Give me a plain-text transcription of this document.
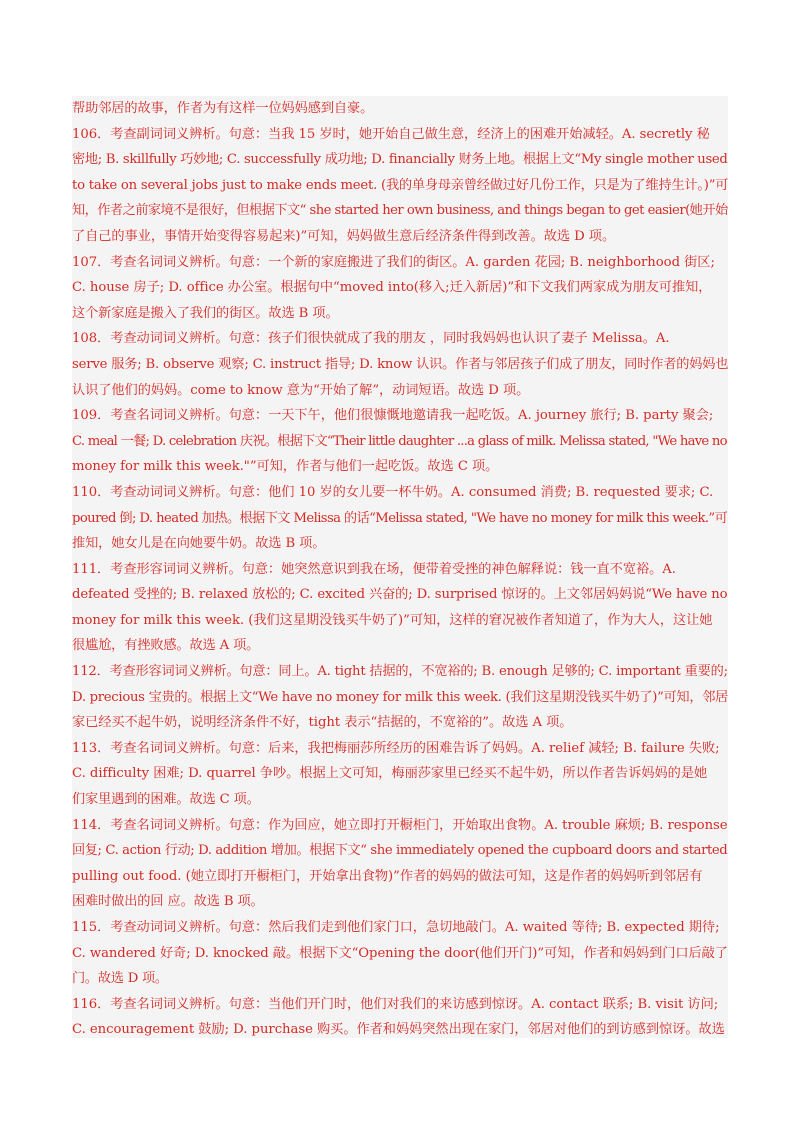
帮助邻居的故事，作者为有这样一位妈妈感到自豪。
106．考查副词词义辨析。句意：当我 15 岁时，她开始自己做生意，经济上的困难开始减轻。A. secretly 秘
密地; B. skillfully 巧妙地; C. successfully 成功地; D. financially 财务上地。根据上文“My single mother used
to take on several jobs just to make ends meet. (我的单身母亲曾经做过好几份工作，只是为了维持生计。)”可
知，作者之前家境不是很好，但根据下文“ she started her own business, and things began to get easier(她开始
了自己的事业，事情开始变得容易起来)”可知，妈妈做生意后经济条件得到改善。故选 D 项。
107．考查名词词义辨析。句意：一个新的家庭搬进了我们的街区。A. garden 花园; B. neighborhood 街区;
C. house 房子; D. office 办公室。根据句中“moved into(移入;迁入新居)”和下文我们两家成为朋友可推知，
这个新家庭是搬入了我们的街区。故选 B 项。
108．考查动词词义辨析。句意：孩子们很快就成了我的朋友 ，同时我妈妈也认识了妻子 Melissa。A.
serve 服务; B. observe 观察; C. instruct 指导; D. know 认识。作者与邻居孩子们成了朋友，同时作者的妈妈也
认识了他们的妈妈。come to know 意为“开始了解”，动词短语。故选 D 项。
109．考查名词词义辨析。句意：一天下午，他们很慷慨地邀请我一起吃饭。A. journey 旅行; B. party 聚会;
C. meal 一餐; D. celebration 庆祝。根据下文“Their little daughter ...a glass of milk. Melissa stated, "We have no
money for milk this week."”可知，作者与他们一起吃饭。故选 C 项。
110．考查动词词义辨析。句意：他们 10 岁的女儿要一杯牛奶。A. consumed 消费; B. requested 要求; C.
poured 倒; D. heated 加热。根据下文 Melissa 的话“Melissa stated, "We have no money for milk this week.”可
推知，她女儿是在向她要牛奶。故选 B 项。
111．考查形容词词义辨析。句意：她突然意识到我在场，便带着受挫的神色解释说：钱一直不宽裕。A.
defeated 受挫的; B. relaxed 放松的; C. excited 兴奋的; D. surprised 惊讶的。上文邻居妈妈说“We have no
money for milk this week. (我们这星期没钱买牛奶了)”可知，这样的窘况被作者知道了，作为大人，这让她
很尴尬，有挫败感。故选 A 项。
112．考查形容词词义辨析。句意：同上。A. tight 拮据的，不宽裕的; B. enough 足够的; C. important 重要的;
D. precious 宝贵的。根据上文“We have no money for milk this week. (我们这星期没钱买牛奶了)”可知，邻居
家已经买不起牛奶，说明经济条件不好，tight 表示“拮据的，不宽裕的”。故选 A 项。
113．考查名词词义辨析。句意：后来，我把梅丽莎所经历的困难告诉了妈妈。A. relief 减轻; B. failure 失败;
C. difficulty 困难; D. quarrel 争吵。根据上文可知，梅丽莎家里已经买不起牛奶，所以作者告诉妈妈的是她
们家里遇到的困难。故选 C 项。
114．考查名词词义辨析。句意：作为回应，她立即打开橱柜门，开始取出食物。A. trouble 麻烦; B. response
回复; C. action 行动; D. addition 增加。根据下文“ she immediately opened the cupboard doors and started
pulling out food. (她立即打开橱柜门，开始拿出食物)”作者的妈妈的做法可知，这是作者的妈妈听到邻居有
困难时做出的回 应。故选 B 项。
115．考查动词词义辨析。句意：然后我们走到他们家门口，急切地敲门。A. waited 等待; B. expected 期待;
C. wandered 好奇; D. knocked 敲。根据下文“Opening the door(他们开门)”可知，作者和妈妈到门口后敲了
门。故选 D 项。
116．考查名词词义辨析。句意：当他们开门时，他们对我们的来访感到惊讶。A. contact 联系; B. visit 访问;
C. encouragement 鼓励; D. purchase 购买。作者和妈妈突然出现在家门，邻居对他们的到访感到惊讶。故选
